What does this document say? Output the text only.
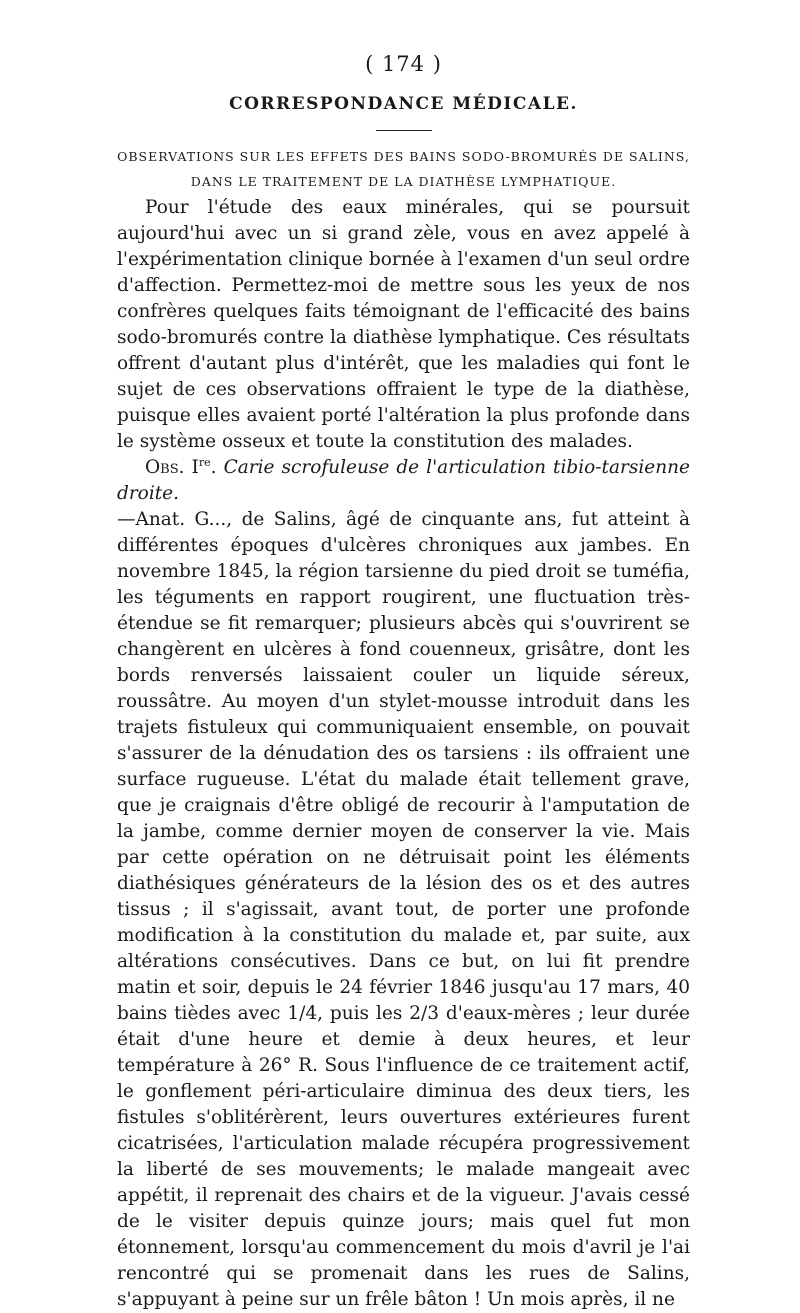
( 174 )
CORRESPONDANCE MÉDICALE.
OBSERVATIONS SUR LES EFFETS DES BAINS SODO-BROMURÉS DE SALINS,
DANS LE TRAITEMENT DE LA DIATHÈSE LYMPHATIQUE.

Pour l'étude des eaux minérales, qui se poursuit aujourd'hui avec un si grand zèle, vous en avez appelé à l'expérimentation clinique bornée à l'examen d'un seul ordre d'affection. Permettez-moi de mettre sous les yeux de nos confrères quelques faits témoignant de l'efficacité des bains sodo-bromurés contre la diathèse lymphatique. Ces résultats offrent d'autant plus d'intérêt, que les maladies qui font le sujet de ces observations offraient le type de la diathèse, puisque elles avaient porté l'altération la plus profonde dans le système osseux et toute la constitution des malades.

Obs. Ire. Carie scrofuleuse de l'articulation tibio-tarsienne droite.
—Anat. G..., de Salins, âgé de cinquante ans, fut atteint à différentes époques d'ulcères chroniques aux jambes. En novembre 1845, la région tarsienne du pied droit se tuméfia, les téguments en rapport rougirent, une fluctuation très-étendue se fit remarquer; plusieurs abcès qui s'ouvrirent se changèrent en ulcères à fond couenneux, grisâtre, dont les bords renversés laissaient couler un liquide séreux, roussâtre. Au moyen d'un stylet-mousse introduit dans les trajets fistuleux qui communiquaient ensemble, on pouvait s'assurer de la dénudation des os tarsiens : ils offraient une surface rugueuse. L'état du malade était tellement grave, que je craignais d'être obligé de recourir à l'amputation de la jambe, comme dernier moyen de conserver la vie. Mais par cette opération on ne détruisait point les éléments diathésiques générateurs de la lésion des os et des autres tissus ; il s'agissait, avant tout, de porter une profonde modification à la constitution du malade et, par suite, aux altérations consécutives. Dans ce but, on lui fit prendre matin et soir, depuis le 24 février 1846 jusqu'au 17 mars, 40 bains tièdes avec 1/4, puis les 2/3 d'eaux-mères ; leur durée était d'une heure et demie à deux heures, et leur température à 26° R. Sous l'influence de ce traitement actif, le gonflement péri-articulaire diminua des deux tiers, les fistules s'oblitérèrent, leurs ouvertures extérieures furent cicatrisées, l'articulation malade récupéra progressivement la liberté de ses mouvements; le malade mangeait avec appétit, il reprenait des chairs et de la vigueur. J'avais cessé de le visiter depuis quinze jours; mais quel fut mon étonnement, lorsqu'au commencement du mois d'avril je l'ai rencontré qui se promenait dans les rues de Salins, s'appuyant à peine sur un frêle bâton ! Un mois après, il ne
